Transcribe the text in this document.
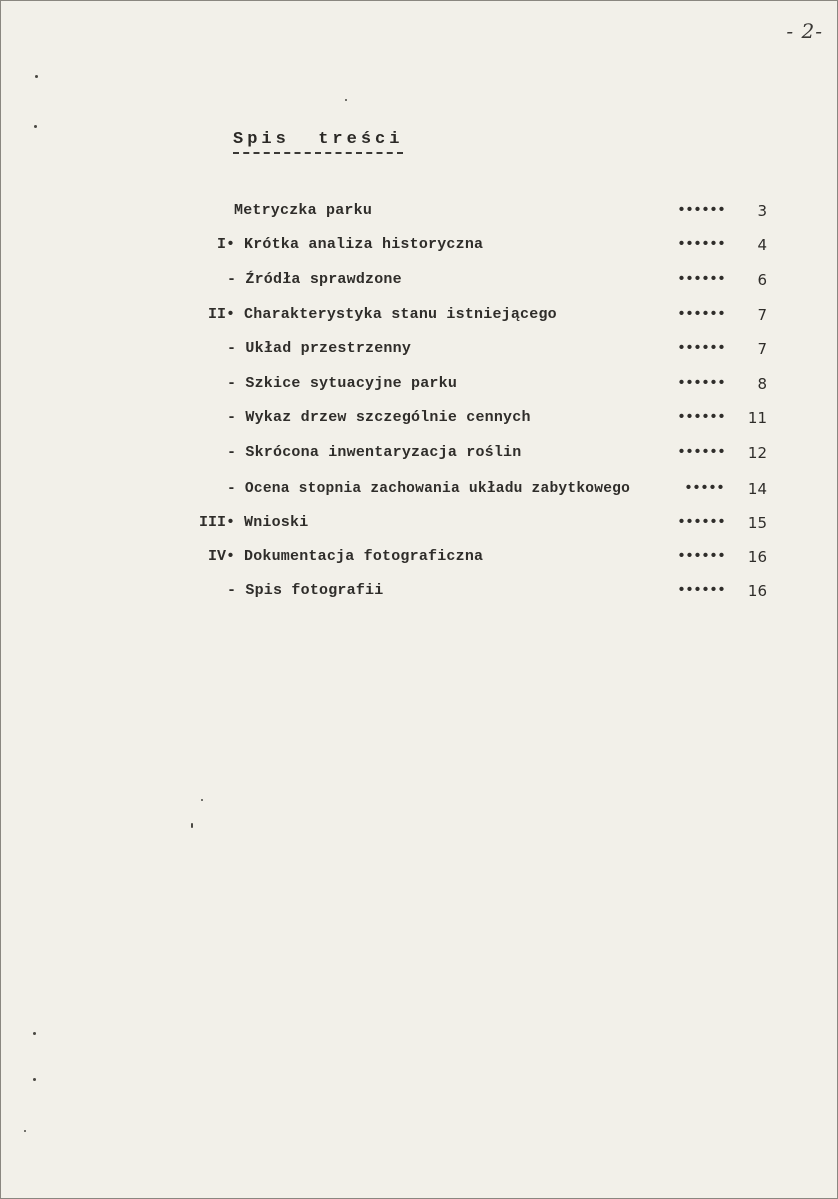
- 2-
Spis  treści
Metryczka parku	••••••	3
I• Krótka analiza historyczna	••••••	4
- Źródła sprawdzone	••••••	6
II• Charakterystyka stanu istniejącego	••••••	7
- Układ przestrzenny	••••••	7
- Szkice sytuacyjne parku	••••••	8
- Wykaz drzew szczególnie cennych	••••••	11
- Skrócona inwentaryzacja roślin	••••••	12
- Ocena stopnia zachowania układu zabytkowego	•••••	14
III• Wnioski	••••••	15
IV• Dokumentacja fotograficzna	••••••	16
- Spis fotografii	••••••	16
